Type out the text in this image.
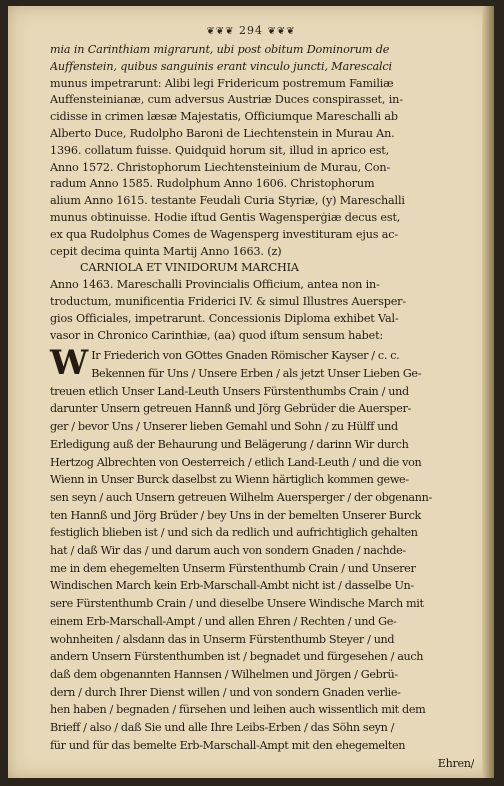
❦❦❦ 294 ❦❦❦
mia in Carinthiam migrarunt, ubi post obitum Dominorum de
Auffenstein, quibus sanguinis erant vinculo juncti, Marescalci
munus impetrarunt: Alibi legi Fridericum postremum Familiæ
Auffensteinianæ, cum adversus Austriæ Duces conspirasset, in-
cidisse in crimen læsæ Majestatis, Officiumque Mareschalli ab
Alberto Duce, Rudolpho Baroni de Liechtenstein in Murau An.
1396. collatum fuisse. Quidquid horum sit, illud in aprico est,
Anno 1572. Christophorum Liechtensteinium de Murau, Con-
radum Anno 1585. Rudolphum Anno 1606. Christophorum
alium Anno 1615. testante Feudali Curia Styriæ, (y) Mareschalli
munus obtinuisse. Hodie iſtud Gentis Wagensperġiæ decus est,
ex qua Rudolphus Comes de Wagensperg investituram ejus ac-
cepit decima quinta Martij Anno 1663. (z)
CARNIOLA ET VINIDORUM MARCHIA
Anno 1463. Mareschalli Provincialis Officium, antea non in-
troductum, munificentia Friderici IV. & simul Illustres Auersper-
gios Officiales, impetrarunt. Concessionis Diploma exhibet Val-
vasor in Chronico Carinthiæ, (aa) quod iſtum sensum habet:
W Ir Friederich von GOttes Gnaden Römischer Kayser / c. c.
Bekennen für Uns / Unsere Erben / als jetzt Unser Lieben Ge-
treuen etlich Unser Land-Leuth Unsers Fürstenthumbs Crain / und
darunter Unsern getreuen Hannß und Jörg Gebrüder die Auersper-
ger / bevor Uns / Unserer lieben Gemahl und Sohn / zu Hülff und
Erledigung auß der Behaurung und Belägerung / darinn Wir durch
Hertzog Albrechten von Oesterreich / etlich Land-Leuth / und die von
Wienn in Unser Burck daselbst zu Wienn härtiglich kommen gewe-
sen seyn / auch Unsern getreuen Wilhelm Auersperger / der obgenann-
ten Hannß und Jörg Brüder / bey Uns in der bemelten Unserer Burck
festiglich blieben ist / und sich da redlich und aufrichtiglich gehalten
hat / daß Wir das / und darum auch von sondern Gnaden / nachde-
me in dem ehegemelten Unserm Fürstenthumb Crain / und Unserer
Windischen March kein Erb-Marschall-Ambt nicht ist / dasselbe Un-
sere Fürstenthumb Crain / und dieselbe Unsere Windische March mit
einem Erb-Marschall-Ampt / und allen Ehren / Rechten / und Ge-
wohnheiten / alsdann das in Unserm Fürstenthumb Steyer / und
andern Unsern Fürstenthumben ist / begnadet und fürgesehen / auch
daß dem obgenannten Hannsen / Wilhelmen und Jörgen / Gebrü-
dern / durch Ihrer Dienst willen / und von sondern Gnaden verlie-
hen haben / begnaden / fürsehen und leihen auch wissentlich mit dem
Brieff / also / daß Sie und alle Ihre Leibs-Erben / das Söhn seyn /
für und für das bemelte Erb-Marschall-Ampt mit den ehegemelten
Ehren/
